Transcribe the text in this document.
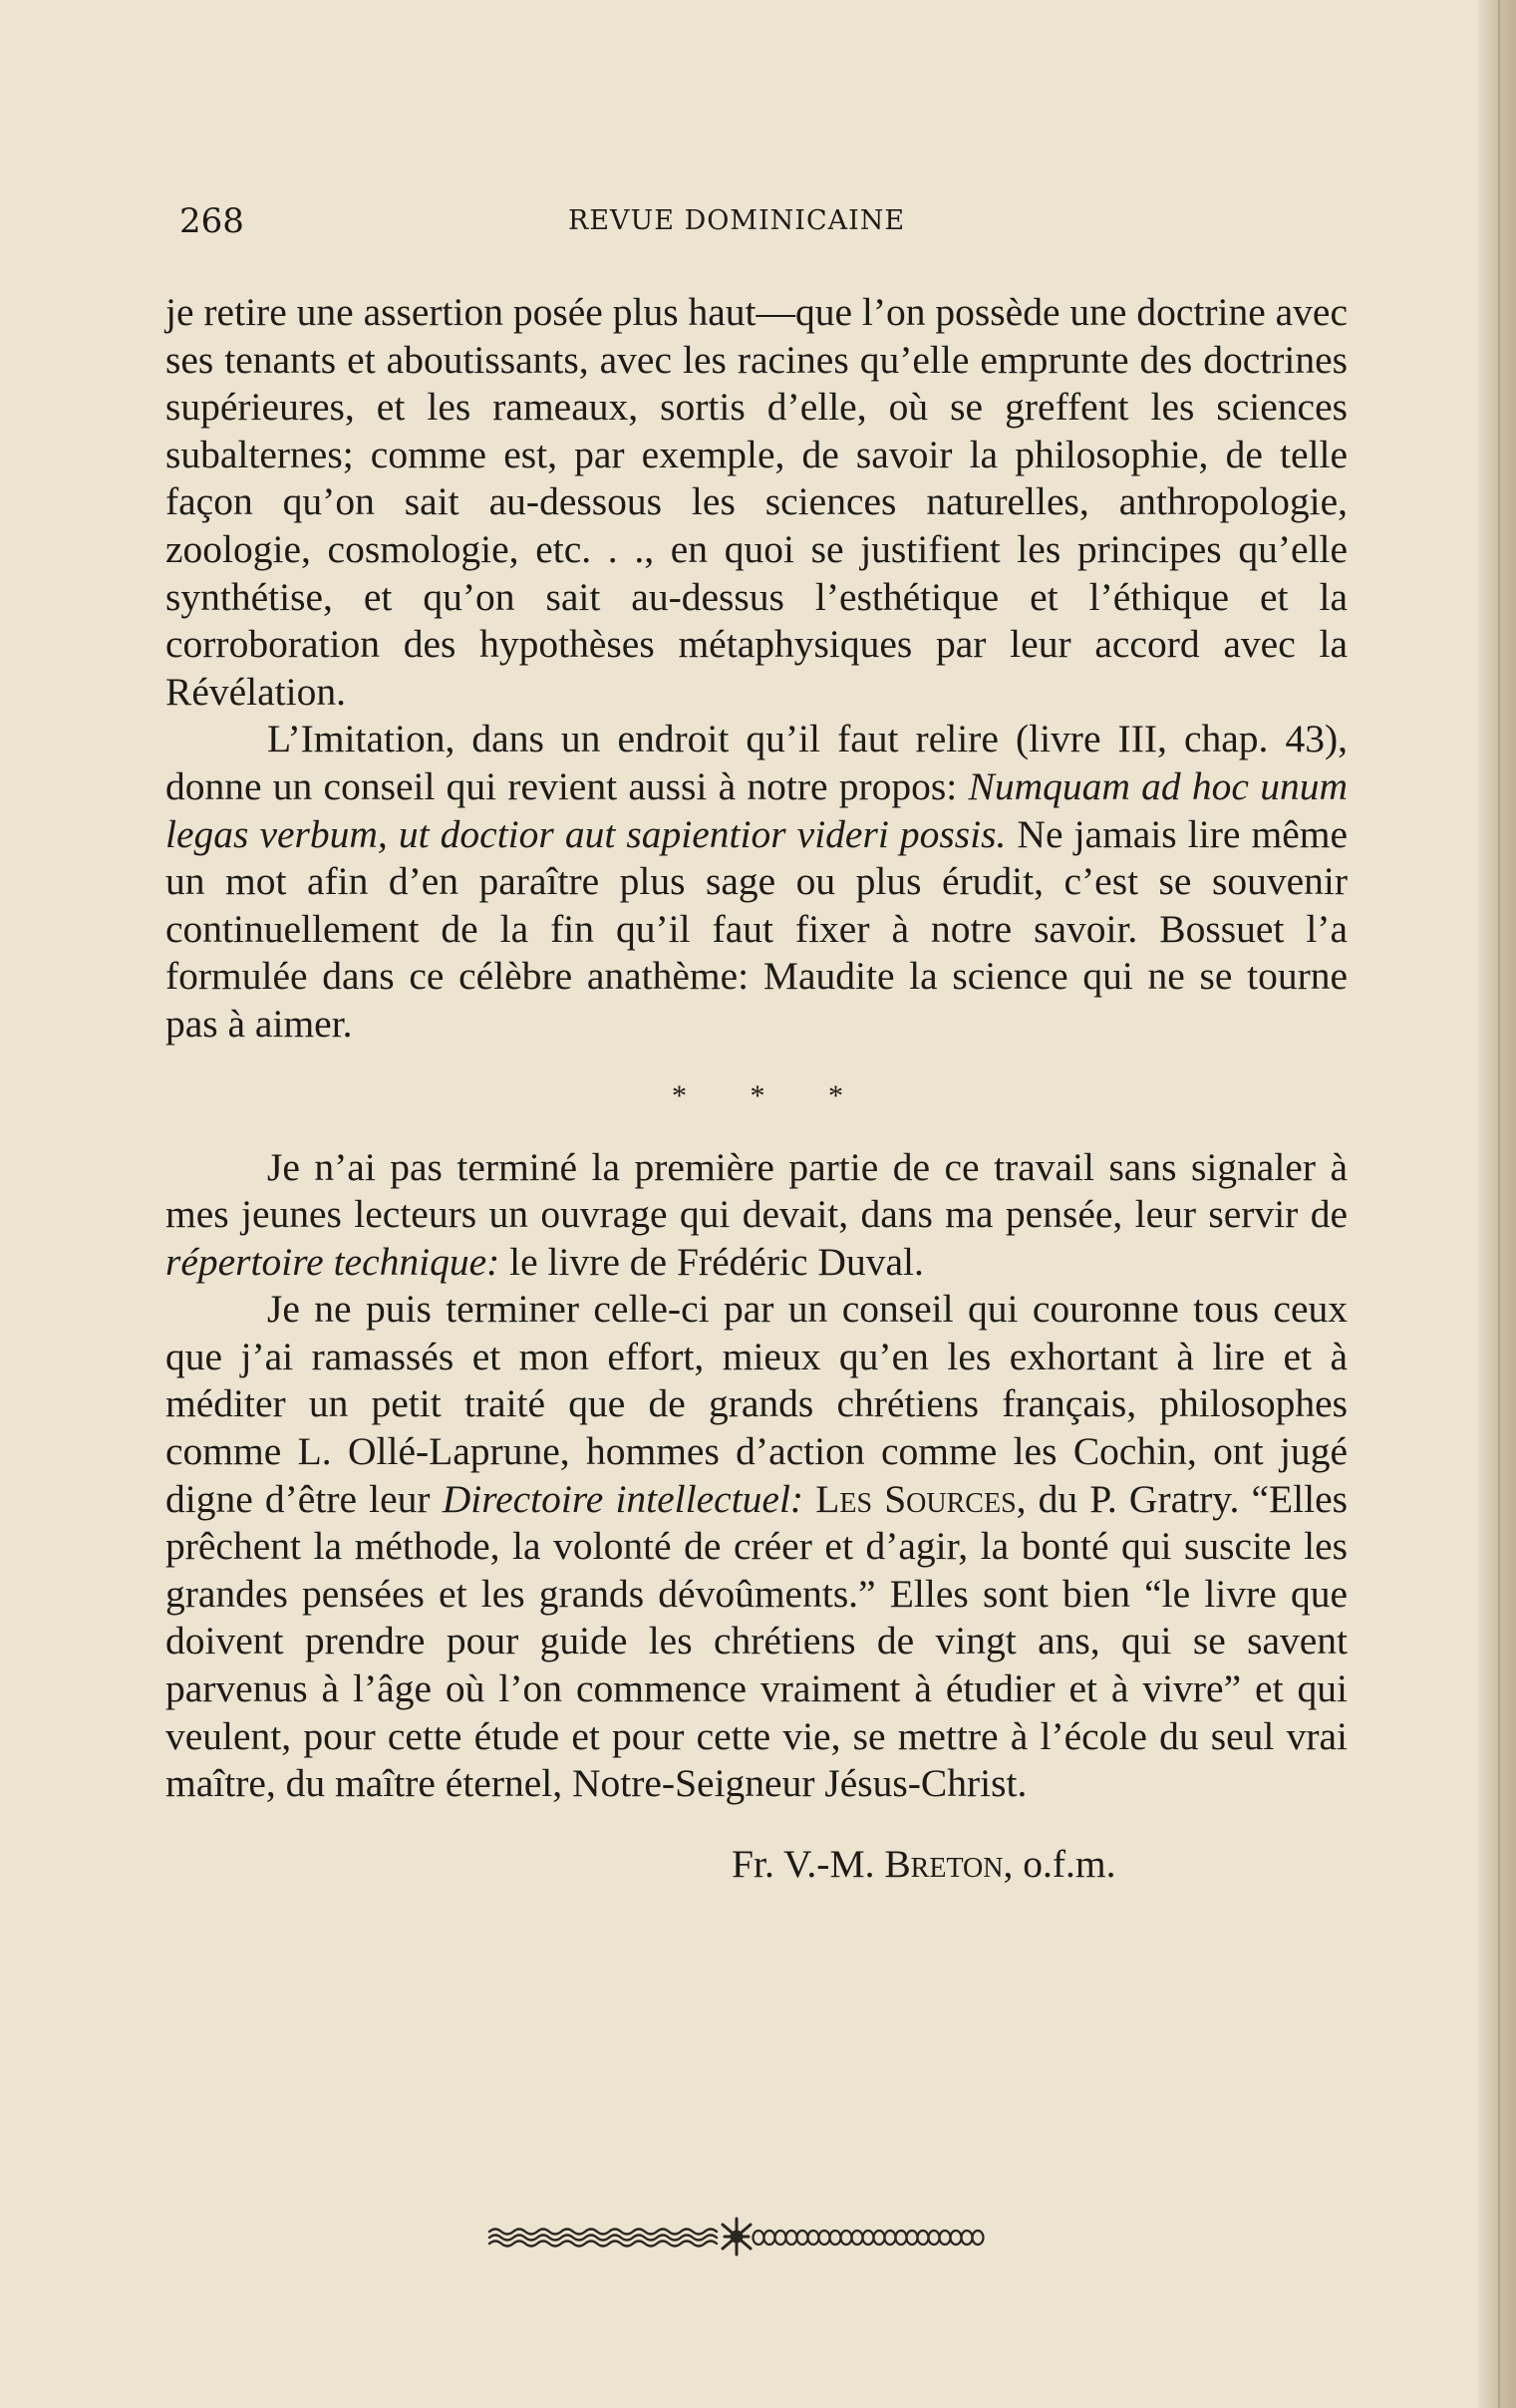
268	REVUE DOMINICAINE

je retire une assertion posée plus haut—que l’on possède une doctrine avec ses tenants et aboutissants, avec les racines qu’elle emprunte des doctrines supérieures, et les rameaux, sortis d’elle, où se greffent les sciences subalternes; comme est, par exemple, de savoir la philosophie, de telle façon qu’on sait au-dessous les sciences naturelles, anthropologie, zoologie, cosmologie, etc. . ., en quoi se justifient les principes qu’elle synthétise, et qu’on sait au-dessus l’esthétique et l’éthique et la corroboration des hypothèses métaphysiques par leur accord avec la Révélation.

L’Imitation, dans un endroit qu’il faut relire (livre III, chap. 43), donne un conseil qui revient aussi à notre propos: Numquam ad hoc unum legas verbum, ut doctior aut sapientior videri possis. Ne jamais lire même un mot afin d’en paraître plus sage ou plus érudit, c’est se souvenir continuellement de la fin qu’il faut fixer à notre savoir. Bossuet l’a formulée dans ce célèbre anathème: Maudite la science qui ne se tourne pas à aimer.

* * *

Je n’ai pas terminé la première partie de ce travail sans signaler à mes jeunes lecteurs un ouvrage qui devait, dans ma pensée, leur servir de répertoire technique: le livre de Frédéric Duval.

Je ne puis terminer celle-ci par un conseil qui couronne tous ceux que j’ai ramassés et mon effort, mieux qu’en les exhortant à lire et à méditer un petit traité que de grands chrétiens français, philosophes comme L. Ollé-Laprune, hommes d’action comme les Cochin, ont jugé digne d’être leur Directoire intellectuel: Les Sources, du P. Gratry. “Elles prêchent la méthode, la volonté de créer et d’agir, la bonté qui suscite les grandes pensées et les grands dévoûments.” Elles sont bien “le livre que doivent prendre pour guide les chrétiens de vingt ans, qui se savent parvenus à l’âge où l’on commence vraiment à étudier et à vivre” et qui veulent, pour cette étude et pour cette vie, se mettre à l’école du seul vrai maître, du maître éternel, Notre-Seigneur Jésus-Christ.

Fr. V.-M. Breton, o.f.m.
